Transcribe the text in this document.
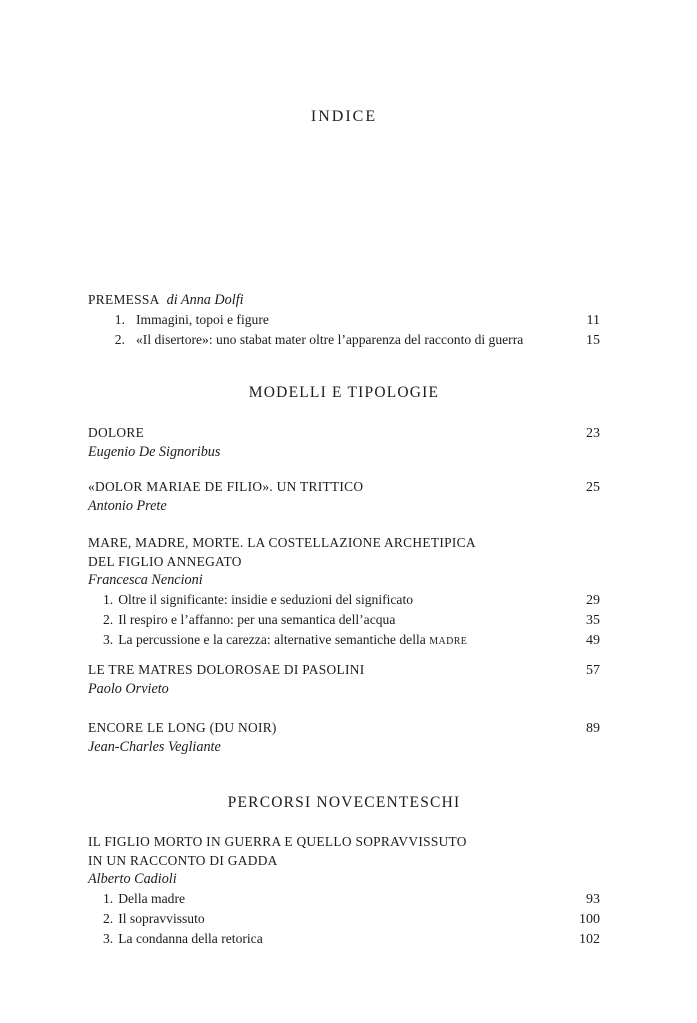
INDICE
PREMESSA di Anna Dolfi
1. Immagini, topoi e figure	11
2. «Il disertore»: uno stabat mater oltre l’apparenza del racconto di guerra	15
MODELLI E TIPOLOGIE
DOLORE	23
Eugenio De Signoribus
«DOLOR MARIAE DE FILIO». UN TRITTICO	25
Antonio Prete
MARE, MADRE, MORTE. LA COSTELLAZIONE ARCHETIPICA
DEL FIGLIO ANNEGATO
Francesca Nencioni
1. Oltre il significante: insidie e seduzioni del significato	29
2. Il respiro e l’affanno: per una semantica dell’acqua	35
3. La percussione e la carezza: alternative semantiche della madre	49
LE TRE MATRES DOLOROSAE DI PASOLINI	57
Paolo Orvieto
ENCORE LE LONG (DU NOIR)	89
Jean-Charles Vegliante
PERCORSI NOVECENTESCHI
IL FIGLIO MORTO IN GUERRA E QUELLO SOPRAVVISSUTO
IN UN RACCONTO DI GADDA
Alberto Cadioli
1. Della madre	93
2. Il sopravvissuto	100
3. La condanna della retorica	102
